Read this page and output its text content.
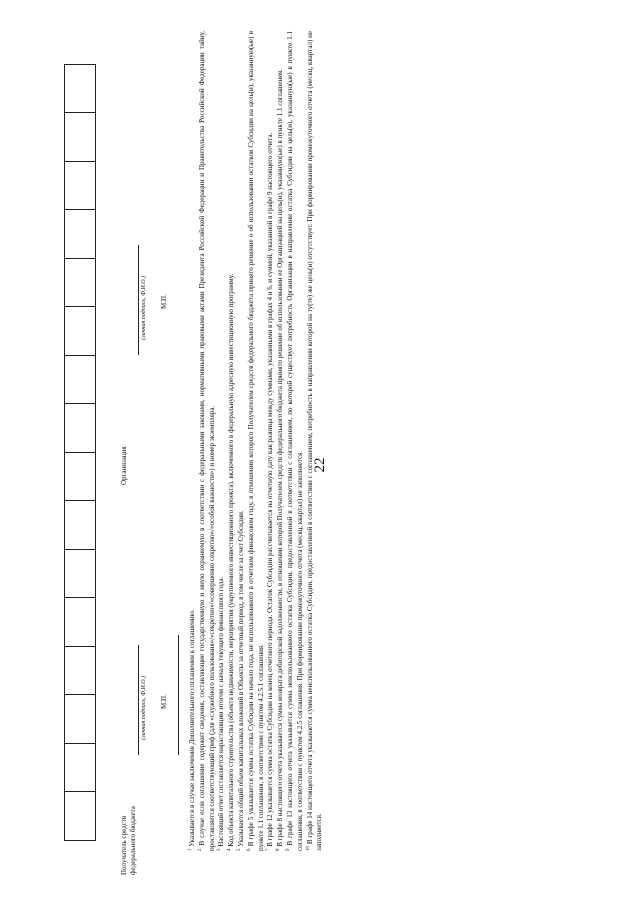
22

Получатель средств федерального бюджета
(личная подпись, Ф.И.О.) М.П.
Организация
(личная подпись, Ф.И.О.) М.П.

$^1$ Указывается в случае заключения Дополнительного соглашения к соглашению.

$^2$ В случае если соглашение содержит сведения, составляющие государственную и иную охраняемую в соответствии с федеральными законами, нормативными правовыми актами Президента Российской Федерации и Правительства Российской Федерации тайну, проставляется соответствующий гриф (для «служебного пользования»/«секретно»/«совершенно секретно»/«особой важности») и номер экземпляра. $^3$ Настоящий отчет составляется нарастающим итогом с начала текущего финансового года.

$^4$ Код объекта капитального строительства (объекта недвижимости, мероприятия (укрупненного инвестиционного проекта), включенного в федеральную адресную инвестиционную программу.

$^5$ Указывается общий объем капитальных вложений в Объекты за отчетный период, в том числе за счет Субсидии.

$^6$ В графе 5 указывается сумма остатка Субсидии на начало года, не использованного в отчетном финансовом году, в отношении которого Получателем средств федерального бюджета принято решение о об использовании остатков Субсидии на цель(и), указанную(ые) в пункте 1.1 соглашения, в соответствии с пунктом 4.2.5.1 соглашения. $^7$ В графе 12 указывается сумма остатка Субсидии на конец отчетного периода. Остаток Субсидии рассчитывается на отчетную дату как разница между суммами, указанными в графах 4 и 6, и суммой, указанной в графе 9 настоящего отчета.

$^8$ В графе 8 настоящего отчета указывается сумма возврата дебиторской задолженности, в отношении которой Получателем средств федерального бюджета принято решение об использовании ее Организацией на цель(и), указанную(ые) в пункте 1.1 соглашения.

$^9$ В графе 13 настоящего отчета указывается сумма неиспользованного остатка Субсидии, предоставленной в соответствии с соглашением, по которой существует потребность Организации в направлении остатка Субсидии на цель(и), указанную(ые) в пункте 1.1 соглашения, в соответствии с пунктом 4.2.5 соглашения. При формировании промежуточного отчета (месяц, квартал) не заполняется. $^{10}$ В графе 14 настоящего отчета указывается сумма неиспользованного остатка Субсидии, предоставленной в соответствии с соглашением, потребность в направлении которой на ту(те) же цель(и) отсутствует. При формировании промежуточного отчета (месяц, квартал) не заполняется.
